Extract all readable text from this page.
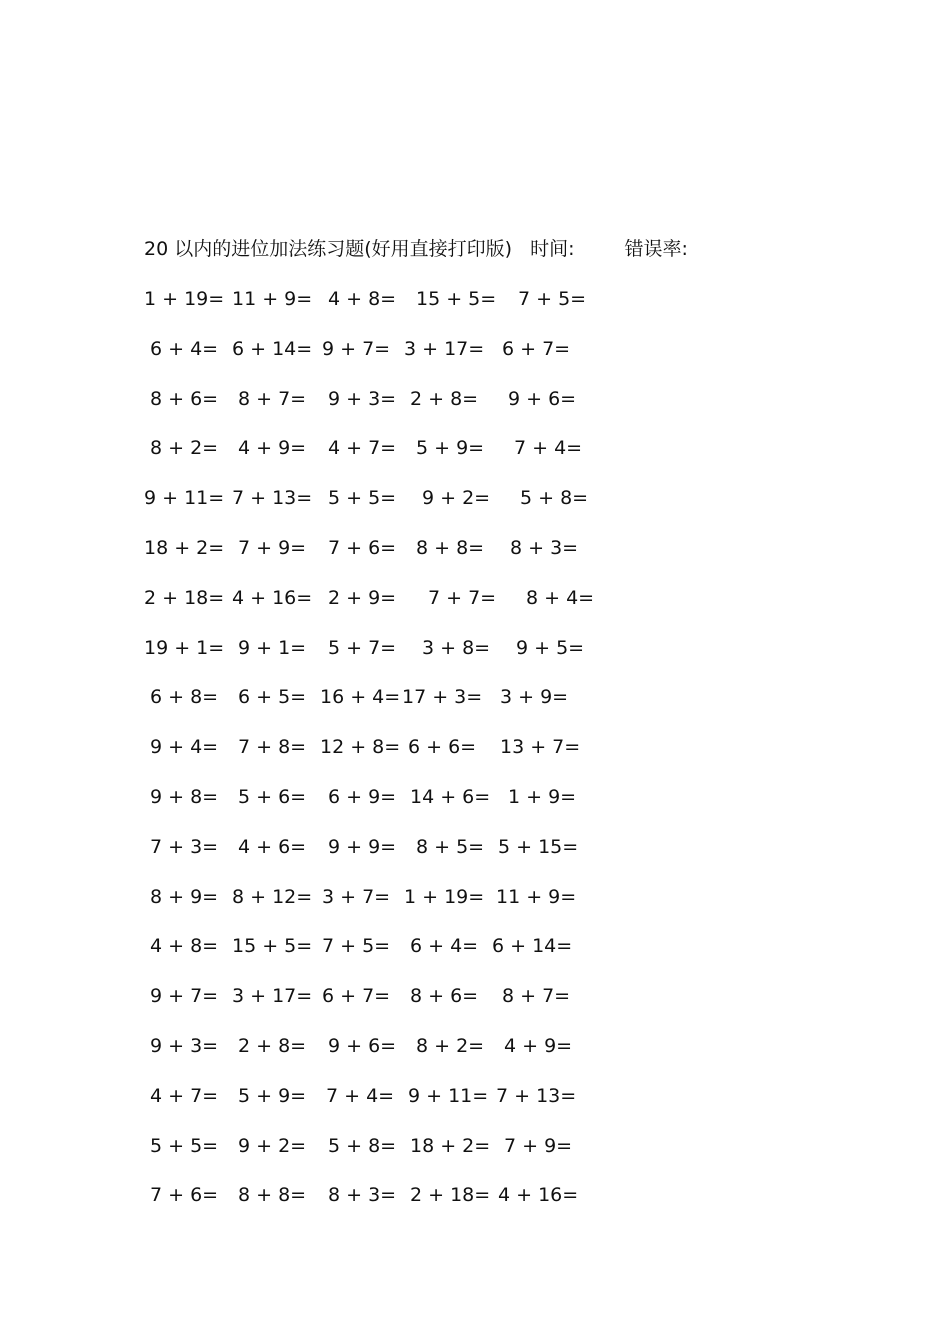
20 以内的进位加法练习题(好用直接打印版) 时间:	错误率:
1 + 19= 11 + 9= 4 + 8=	15 + 5=	7 + 5=
6 + 4= 6 + 14= 9 + 7= 3 + 17= 6 + 7=
8 + 6=	8 + 7=	9 + 3= 2 + 8=	9 + 6=
8 + 2=	4 + 9=	4 + 7=	5 + 9=	7 + 4=
9 + 11= 7 + 13= 5 + 5=	9 + 2=	5 + 8=
18 + 2= 7 + 9=	7 + 6=	8 + 8=	8 + 3=
2 + 18= 4 + 16= 2 + 9=	7 + 7=	8 + 4=
19 + 1= 9 + 1=	5 + 7=	3 + 8=	9 + 5=
6 + 8=	6 + 5= 16 + 4= 17 + 3= 3 + 9=
9 + 4=	7 + 8= 12 + 8= 6 + 6=	13 + 7=
9 + 8=	5 + 6=	6 + 9= 14 + 6= 1 + 9=
7 + 3=	4 + 6=	9 + 9=	8 + 5= 5 + 15=
8 + 9= 8 + 12= 3 + 7= 1 + 19= 11 + 9=
4 + 8= 15 + 5= 7 + 5=	6 + 4= 6 + 14=
9 + 7= 3 + 17= 6 + 7=	8 + 6=	8 + 7=
9 + 3=	2 + 8=	9 + 6=	8 + 2=	4 + 9=
4 + 7=	5 + 9=	7 + 4= 9 + 11= 7 + 13=
5 + 5=	9 + 2=	5 + 8= 18 + 2= 7 + 9=
7 + 6=	8 + 8=	8 + 3= 2 + 18= 4 + 16=
